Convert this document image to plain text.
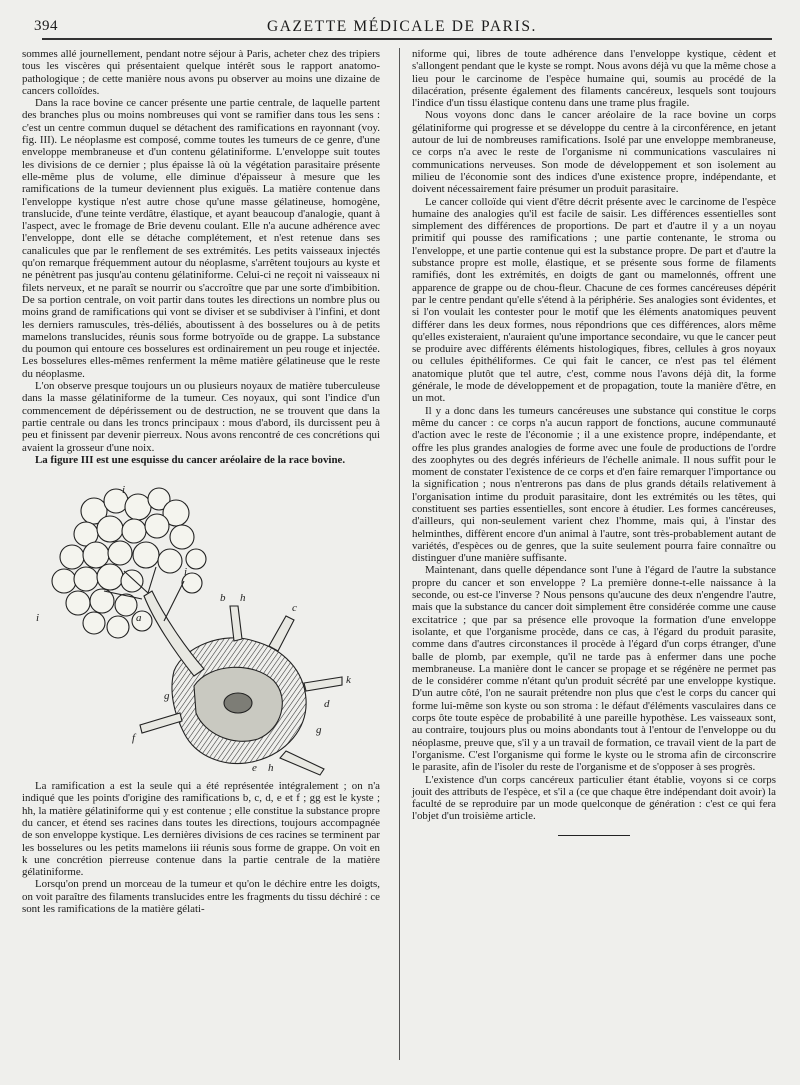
394	GAZETTE MÉDICALE DE PARIS.

sommes allé journellement, pendant notre séjour à Paris, acheter chez des tripiers tous les viscères qui présentaient quelque intérêt sous le rapport anatomo-pathologique ; de cette manière nous avons pu observer au moins une dizaine de cancers colloïdes.

Dans la race bovine ce cancer présente une partie centrale, de laquelle partent des branches plus ou moins nombreuses qui vont se ramifier dans tous les sens : c'est un centre commun duquel se détachent des ramifications en rayonnant (voy. fig. III). Le néoplasme est composé, comme toutes les tumeurs de ce genre, d'une enveloppe membraneuse et d'un contenu gélatiniforme. L'enveloppe suit toutes les divisions de ce dernier ; plus épaisse là où la végétation parasitaire présente elle-même plus de volume, elle diminue d'épaisseur à mesure que les ramifications de la tumeur deviennent plus exiguës. La matière contenue dans l'enveloppe kystique n'est autre chose qu'une masse gélatineuse, homogène, translucide, d'une teinte verdâtre, élastique, et ayant beaucoup d'analogie, quant à l'aspect, avec le fromage de Brie devenu coulant. Elle n'a aucune adhérence avec l'enveloppe, dont elle se détache complétement, et n'est retenue dans ses canalicules que par le renflement de ses extrémités. Les petits vaisseaux injectés qu'on remarque fréquemment autour du néoplasme, s'arrêtent toujours au kyste et ne pénètrent pas jusqu'au contenu gélatiniforme. Celui-ci ne reçoit ni vaisseaux ni filets nerveux, et ne paraît se nourrir ou s'accroître que par une sorte d'imbibition. De sa portion centrale, on voit partir dans toutes les directions un nombre plus ou moins grand de ramifications qui vont se diviser et se subdiviser à l'infini, et dont les derniers ramuscules, très-déliés, aboutissent à des bosselures ou à de petits mamelons translucides, réunis sous forme botryoïde ou de grappe. La substance du poumon qui entoure ces bosselures est ordinairement un peu rouge et injectée. Les bosselures elles-mêmes renferment la même matière gélatineuse que le reste du néoplasme.

L'on observe presque toujours un ou plusieurs noyaux de matière tuberculeuse dans la masse gélatiniforme de la tumeur. Ces noyaux, qui sont l'indice d'un commencement de dépérissement ou de destruction, ne se trouvent que dans la partie centrale ou dans les troncs principaux : mous d'abord, ils durcissent peu à peu et finissent par devenir pierreux. Nous avons rencontré de ces concrétions qui avaient la grosseur d'une noix.

La figure III est une esquisse du cancer aréolaire de la race bovine.

i
i
i	a
b h
c
k
d
g
g
f
h
e

La ramification a est la seule qui a été représentée intégralement ; on n'a indiqué que les points d'origine des ramifications b, c, d, e et f ; gg est le kyste ; hh, la matière gélatiniforme qui y est contenue ; elle constitue la substance propre du cancer, et étend ses racines dans toutes les directions, toujours accompagnée de son enveloppe kystique. Les dernières divisions de ces racines se terminent par les bosselures ou les petits mamelons iii réunis sous forme de grappe. On voit en k une concrétion pierreuse contenue dans la partie centrale de la matière gélatiniforme.

Lorsqu'on prend un morceau de la tumeur et qu'on le déchire entre les doigts, on voit paraître des filaments translucides entre les fragments du tissu déchiré : ce sont les ramifications de la matière gélati-

niforme qui, libres de toute adhérence dans l'enveloppe kystique, cèdent et s'allongent pendant que le kyste se rompt. Nous avons déjà vu que la même chose a lieu pour le carcinome de l'espèce humaine qui, soumis au procédé de la dilacération, présente également des filaments cancéreux, lesquels sont toujours l'indice d'un tissu élastique contenu dans une trame plus fragile.

Nous voyons donc dans le cancer aréolaire de la race bovine un corps gélatiniforme qui progresse et se développe du centre à la circonférence, en jetant autour de lui de nombreuses ramifications. Isolé par une enveloppe membraneuse, ce corps n'a avec le reste de l'organisme ni communications vasculaires ni communications nerveuses. Son mode de développement et son isolement au milieu de l'économie sont des indices d'une existence propre, indépendante, et doivent nécessairement faire présumer un produit parasitaire.

Le cancer colloïde qui vient d'être décrit présente avec le carcinome de l'espèce humaine des analogies qu'il est facile de saisir. Les différences essentielles sont simplement des différences de proportions. De part et d'autre il y a un noyau primitif qui pousse des ramifications ; une partie contenante, le stroma ou l'enveloppe, et une partie contenue qui est la substance propre. De part et d'autre la substance propre est molle, élastique, et se présente sous forme de filaments ramifiés, dont les extrémités, en doigts de gant ou mamelonnés, offrent une apparence de grappe ou de chou-fleur. Chacune de ces formes cancéreuses dépérit par le centre pendant qu'elle s'étend à la périphérie. Ses analogies sont évidentes, et si l'on voulait les contester pour le motif que les éléments anatomiques peuvent différer dans les deux formes, nous répondrions que ces différences, alors même qu'elles existeraient, n'auraient qu'une importance secondaire, vu que le cancer peut se produire avec différents éléments histologiques, fibres, cellules à gros noyaux ou cellules épithéliformes. Ce qui fait le cancer, ce n'est pas tel élément anatomique plutôt que tel autre, c'est, comme nous l'avons déjà dit, la forme générale, le mode de développement et de propagation, toute la manière d'être, en un mot.

Il y a donc dans les tumeurs cancéreuses une substance qui constitue le corps même du cancer : ce corps n'a aucun rapport de fonctions, aucune communauté d'action avec le reste de l'économie ; il a une existence propre, indépendante, et offre les plus grandes analogies de forme avec une foule de productions de l'ordre des zoophytes ou des degrés inférieurs de l'échelle animale. Il nous suffit pour le moment de constater l'existence de ce corps et d'en faire remarquer l'importance ou la signification ; nous n'entrerons pas dans de plus grands détails relativement à l'organisation intime du produit parasitaire, dont les extrémités ou les têtes, qui constituent ses parties essentielles, sont encore à étudier. Les formes cancéreuses, d'ailleurs, qui non-seulement varient chez l'homme, mais qui, à l'instar des helminthes, diffèrent encore d'un animal à l'autre, sont très-probablement autant de variétés, d'espèces ou de genres, que la suite seulement pourra faire connaître ou distinguer d'une manière suffisante.

Maintenant, dans quelle dépendance sont l'une à l'égard de l'autre la substance propre du cancer et son enveloppe ? La première donne-t-elle naissance à la seconde, ou est-ce l'inverse ? Nous pensons qu'aucune des deux n'engendre l'autre, mais que la substance du cancer doit simplement être considérée comme une cause excitatrice ; que par sa présence elle provoque la formation d'une enveloppe isolante, et que l'organisme procède, dans ce cas, à l'égard du produit parasite, comme dans d'autres circonstances il procède à l'égard d'un corps étranger, d'une balle de plomb, par exemple, qu'il ne tarde pas à enfermer dans une poche membraneuse. La manière dont le cancer se propage et se régénère ne permet pas de le considérer comme n'étant qu'un produit sécrété par une enveloppe kystique. D'un autre côté, l'on ne saurait prétendre non plus que c'est le corps du cancer qui forme lui-même son kyste ou son stroma : le défaut d'éléments vasculaires dans ce corps ôte toute espèce de probabilité à une pareille hypothèse. Les vaisseaux sont, au contraire, toujours plus ou moins abondants tout à l'entour de l'enveloppe ou du néoplasme, preuve que, s'il y a un travail de formation, ce travail vient de la part de l'organisme. C'est l'organisme qui forme le kyste ou le stroma afin de circonscrire le parasite, afin de l'isoler du reste de l'organisme et de s'opposer à ses progrès.

L'existence d'un corps cancéreux particulier étant établie, voyons si ce corps jouit des attributs de l'espèce, et s'il a (ce que chaque être indépendant doit avoir) la faculté de se reproduire par un mode quelconque de génération : c'est ce qui fera l'objet d'un troisième article.
